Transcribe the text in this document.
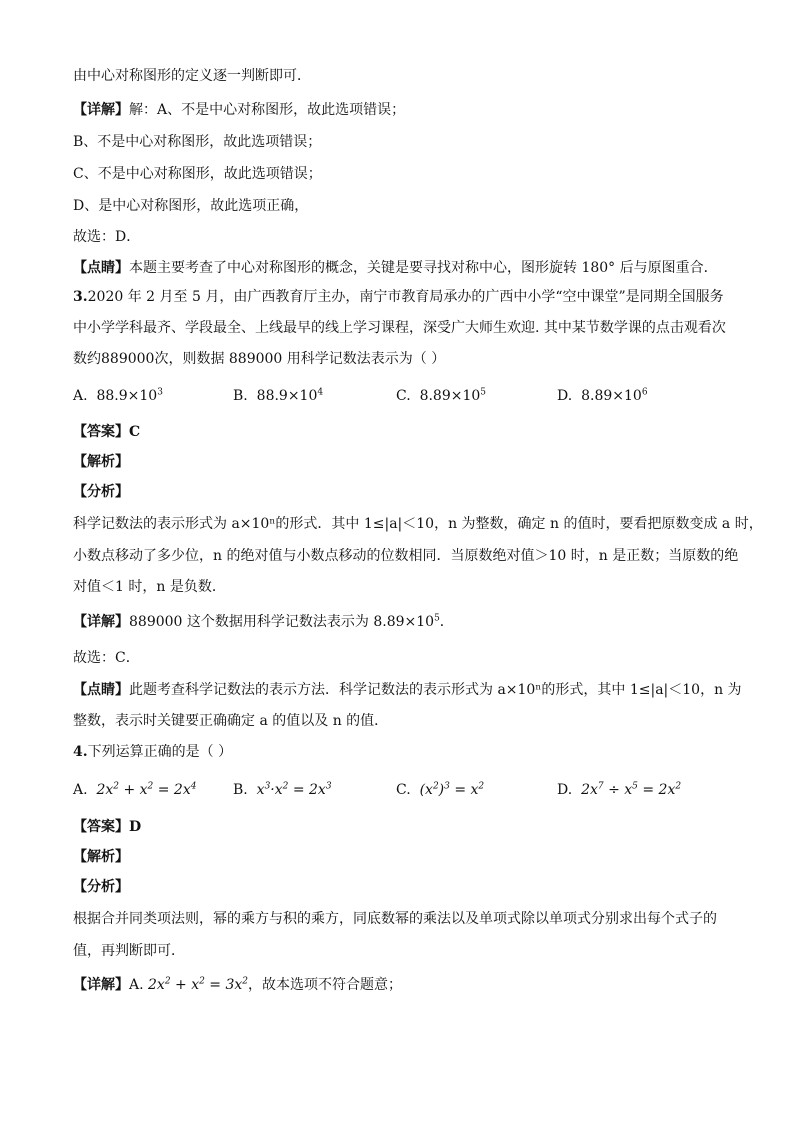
由中心对称图形的定义逐一判断即可．
【详解】解：A、不是中心对称图形，故此选项错误；
B、不是中心对称图形，故此选项错误；
C、不是中心对称图形，故此选项错误；
D、是中心对称图形，故此选项正确，
故选：D．
【点睛】本题主要考查了中心对称图形的概念，关键是要寻找对称中心，图形旋转 180° 后与原图重合．
3.2020 年 2 月至 5 月，由广西教育厅主办，南宁市教育局承办的广西中小学“空中课堂”是同期全国服务
中小学学科最齐、学段最全、上线最早的线上学习课程，深受广大师生欢迎. 其中某节数学课的点击观看次
数约889000次，则数据 889000 用科学记数法表示为（ ）
A. $88.9\times 10^3$	B. $88.9\times 10^4$	C. $8.89\times 10^5$	D. $8.89\times 10^6$
【答案】C
【解析】
【分析】
科学记数法的表示形式为 a×10ⁿ的形式．其中 1≤|a|＜10，n 为整数，确定 n 的值时，要看把原数变成 a 时，
小数点移动了多少位，n 的绝对值与小数点移动的位数相同．当原数绝对值＞10 时，n 是正数；当原数的绝
对值＜1 时，n 是负数．
【详解】889000 这个数据用科学记数法表示为 $8.89\times 10^5$．
故选：C．
【点睛】此题考查科学记数法的表示方法．科学记数法的表示形式为 a×10ⁿ的形式，其中 1≤|a|＜10，n 为
整数，表示时关键要正确确定 a 的值以及 n 的值．
4.下列运算正确的是（ ）
A. $2x^2 + x^2 = 2x^4$	B. $x^3\cdot x^2 = 2x^3$	C. $(x^2)^3 = x^2$	D. $2x^7 \div x^5 = 2x^2$
【答案】D
【解析】
【分析】
根据合并同类项法则，幂的乘方与积的乘方，同底数幂的乘法以及单项式除以单项式分别求出每个式子的
值，再判断即可．
【详解】A. $2x^2 + x^2 = 3x^2$，故本选项不符合题意；
